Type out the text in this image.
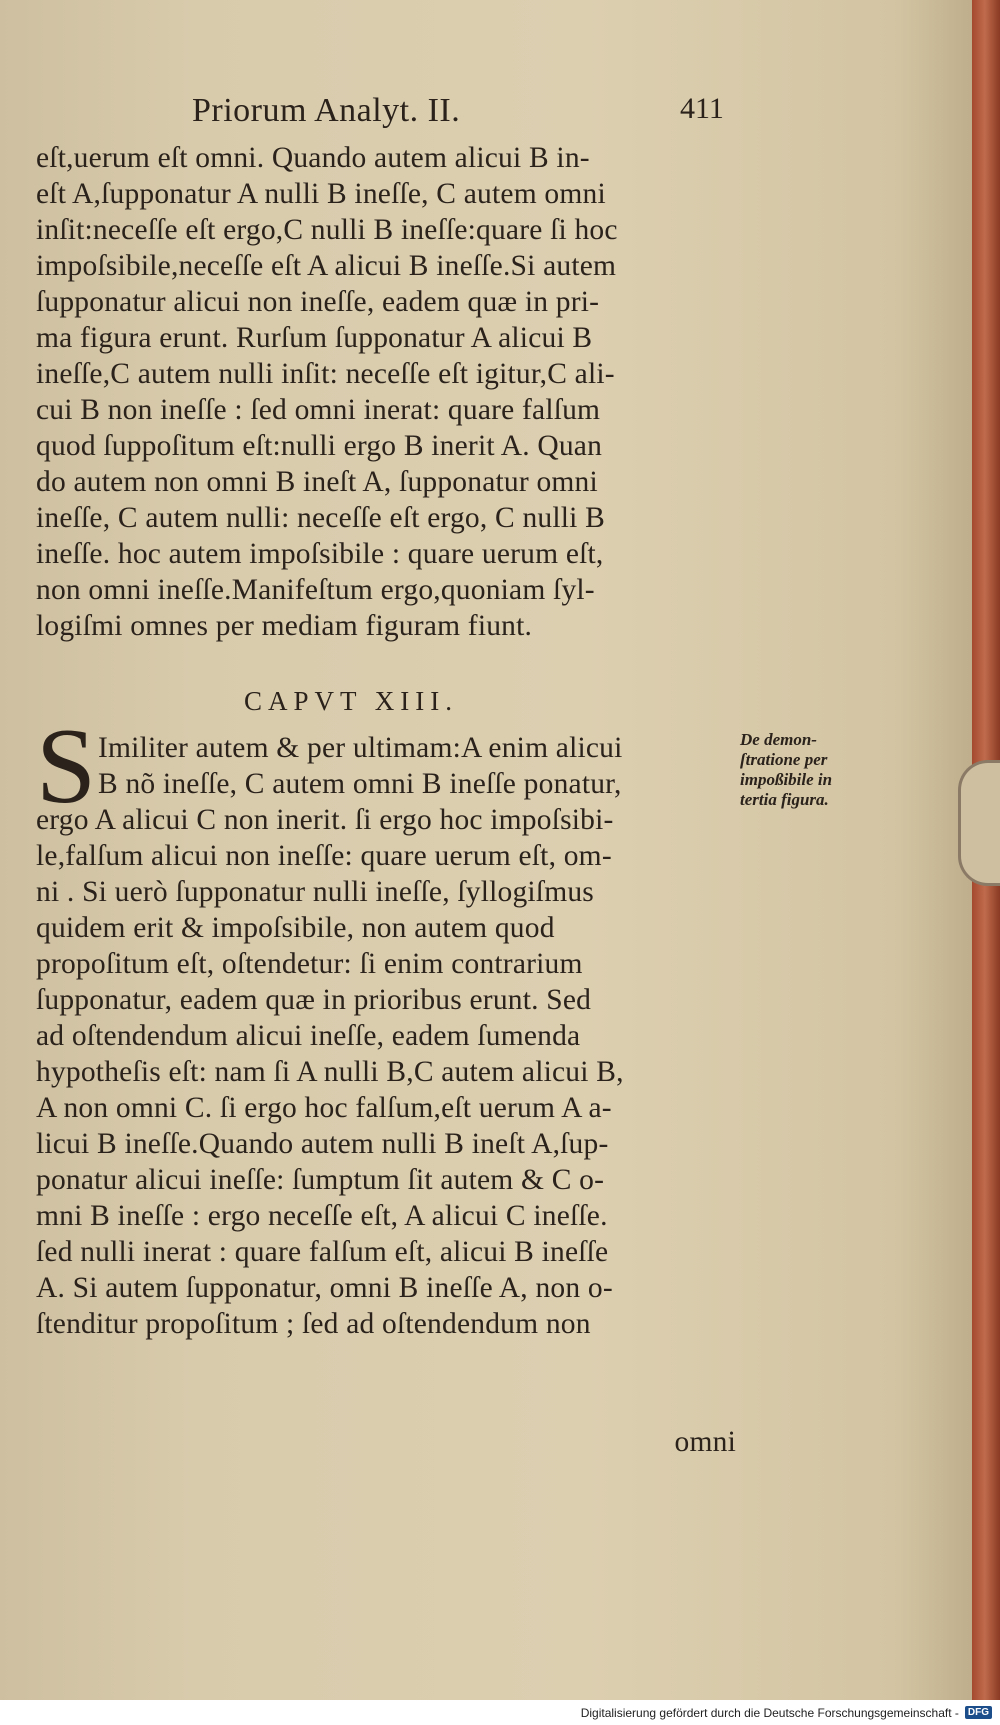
Priorum Analyt. II.	411
eſt,uerum eſt omni. Quando autem alicui B in-
eſt A,ſupponatur A nulli B ineſſe, C autem omni
inſit:neceſſe eſt ergo,C nulli B ineſſe:quare ſi hoc
impoſsibile,neceſſe eſt A alicui B ineſſe.Si autem
ſupponatur alicui non ineſſe, eadem quæ in pri-
ma figura erunt. Rurſum ſupponatur A alicui B
ineſſe,C autem nulli inſit: neceſſe eſt igitur,C ali-
cui B non ineſſe : ſed omni inerat: quare falſum
quod ſuppoſitum eſt:nulli ergo B inerit A. Quan
do autem non omni B ineſt A, ſupponatur omni
ineſſe, C autem nulli: neceſſe eſt ergo, C nulli B
ineſſe. hoc autem impoſsibile : quare uerum eſt,
non omni ineſſe.Manifeſtum ergo,quoniam ſyl-
logiſmi omnes per mediam figuram fiunt.
CAPVT XIII.
S Imiliter autem & per ultimam:A enim alicui
B nõ ineſſe, C autem omni B ineſſe ponatur,
ergo A alicui C non inerit. ſi ergo hoc impoſsibi-
le,falſum alicui non ineſſe: quare uerum eſt, om-
ni . Si uerò ſupponatur nulli ineſſe, ſyllogiſmus
quidem erit & impoſsibile, non autem quod
propoſitum eſt, oſtendetur: ſi enim contrarium
ſupponatur, eadem quæ in prioribus erunt. Sed
ad oſtendendum alicui ineſſe, eadem ſumenda
hypotheſis eſt: nam ſi A nulli B,C autem alicui B,
A non omni C. ſi ergo hoc falſum,eſt uerum A a-
licui B ineſſe.Quando autem nulli B ineſt A,ſup-
ponatur alicui ineſſe: ſumptum ſit autem & C o-
mni B ineſſe : ergo neceſſe eſt, A alicui C ineſſe.
ſed nulli inerat : quare falſum eſt, alicui B ineſſe
A. Si autem ſupponatur, omni B ineſſe A, non o-
ſtenditur propoſitum ; ſed ad oſtendendum non

omni

De demon-
ſtratione per
impoßibile in
tertia figura.
Digitalisierung gefördert durch die Deutsche Forschungsgemeinschaft - DFG
